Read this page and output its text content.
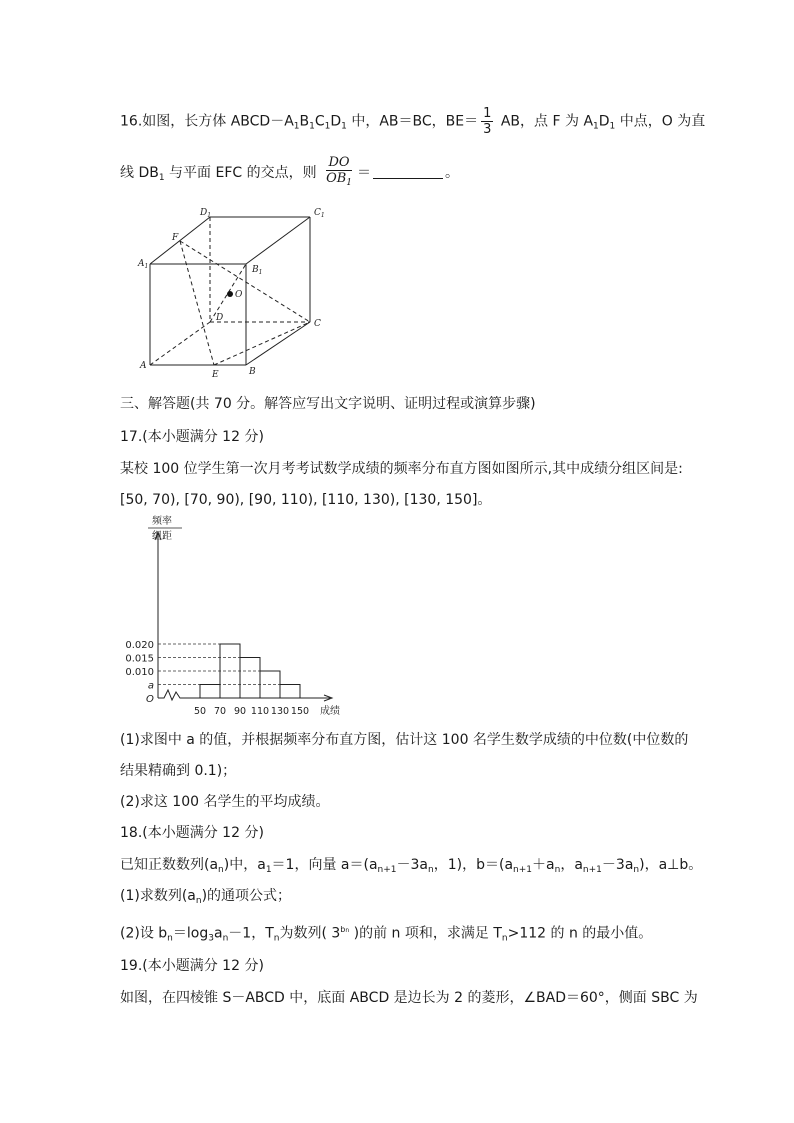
16.如图，长方体 $ABCD-A_1B_1C_1D_1$ 中，AB＝BC，$BE= \frac{1}{3}$ AB，点 F 为 $A_1D_1$ 中点，O 为直
线 $DB_1$ 与平面 EFC 的交点，则 $\frac{DO}{OB_1}$ ＝	。
$D_1$	$C_1$
$A_1$	$B_1$
F
O
D
C
A
E	B
三、解答题(共 70 分。解答应写出文字说明、证明过程或演算步骤)
17.(本小题满分 12 分)
某校 100 位学生第一次月考考试数学成绩的频率分布直方图如图所示,其中成绩分组区间是:
[50, 70), [70, 90), [90, 110), [110, 130), [130, 150]。
频率
组距
O
a
0.010
0.015
0.020
50 70 90 110 130 150 成绩
(1)求图中 a 的值，并根据频率分布直方图，估计这 100 名学生数学成绩的中位数(中位数的
结果精确到 0.1)；
(2)求这 100 名学生的平均成绩。
18.(本小题满分 12 分)
已知正数数列$(a_n)$中，$a_1=1$，向量 $a=(a_{n+1}-3a_n$，1)，$b=(a_{n+1}+a_n$，$a_{n+1}-3a_n$)，a⊥b。
(1)求数列$(a_n)$的通项公式；
(2)设 $b_n=\log_3a_n-1$，$T_n$为数列( $3^{bn}$ )的前 n 项和，求满足 $T_n>112$ 的 n 的最小值。
19.(本小题满分 12 分)
如图，在四棱锥 S－ABCD 中，底面 ABCD 是边长为 2 的菱形，∠BAD＝60°，侧面 SBC 为
